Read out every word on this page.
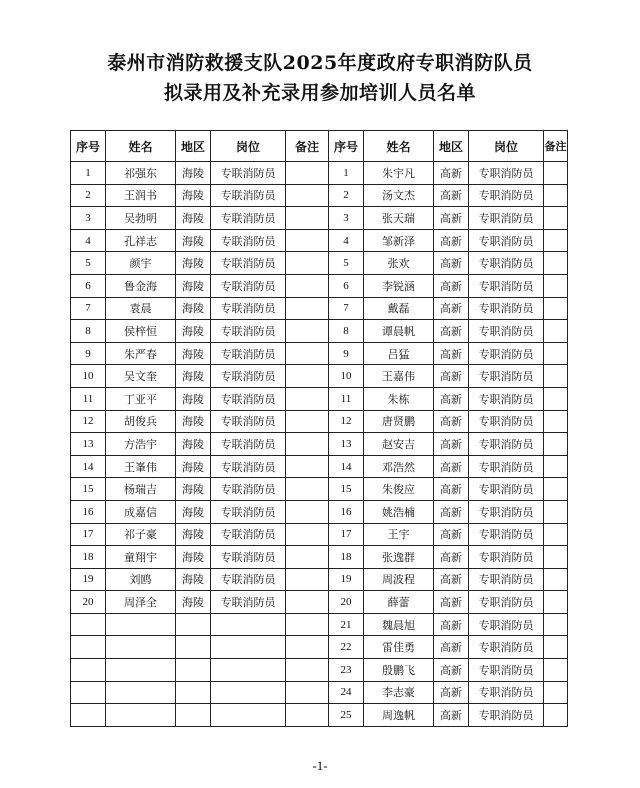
泰州市消防救援支队2025年度政府专职消防队员
拟录用及补充录用参加培训人员名单
序号	姓名	地区	岗位	备注	序号	姓名	地区	岗位	备注
1	祁强东	海陵	专联消防员		1	朱宇凡	高新	专职消防员	
2	王润书	海陵	专联消防员		2	汤文杰	高新	专职消防员	
3	吴勃明	海陵	专联消防员		3	张天瑞	高新	专职消防员	
4	孔祥志	海陵	专联消防员		4	邹新泽	高新	专职消防员	
5	颜宇	海陵	专联消防员		5	张欢	高新	专职消防员	
6	鲁金海	海陵	专联消防员		6	李锐涵	高新	专职消防员	
7	袁晨	海陵	专联消防员		7	戴磊	高新	专职消防员	
8	侯梓恒	海陵	专联消防员		8	谭晨帆	高新	专职消防员	
9	朱严春	海陵	专联消防员		9	吕猛	高新	专职消防员	
10	吴文奎	海陵	专联消防员		10	王嘉伟	高新	专职消防员	
11	丁亚平	海陵	专联消防员		11	朱栋	高新	专职消防员	
12	胡俊兵	海陵	专联消防员		12	唐贤鹏	高新	专职消防员	
13	方浩宇	海陵	专联消防员		13	赵安吉	高新	专职消防员	
14	王峯伟	海陵	专联消防员		14	邓浩然	高新	专职消防员	
15	杨瑞吉	海陵	专联消防员		15	朱俊应	高新	专职消防员	
16	成嘉信	海陵	专联消防员		16	姚浩楠	高新	专职消防员	
17	祁子豪	海陵	专联消防员		17	王宇	高新	专职消防员	
18	童翔宇	海陵	专联消防员		18	张逸群	高新	专职消防员	
19	刘鸥	海陵	专联消防员		19	周波程	高新	专职消防员	
20	周泽全	海陵	专联消防员		20	薛蕾	高新	专职消防员	
					21	魏晨旭	高新	专职消防员	
					22	雷佳勇	高新	专职消防员	
					23	殷鹏飞	高新	专职消防员	
					24	李志豪	高新	专职消防员	
					25	周逸帆	高新	专职消防员	
-1-
